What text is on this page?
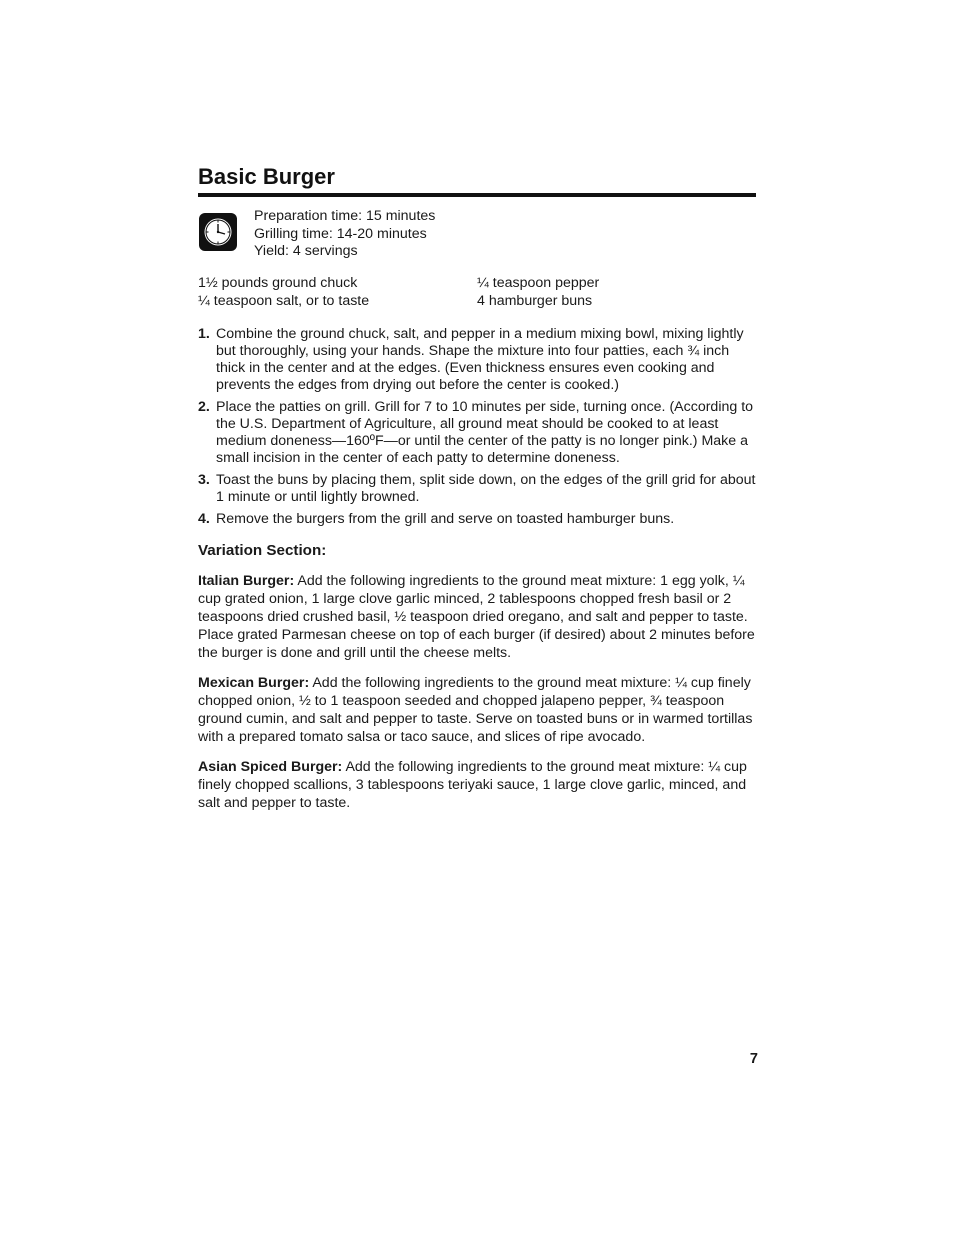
Basic Burger
Preparation time: 15 minutes
Grilling time: 14-20 minutes
Yield: 4 servings
1½ pounds ground chuck
¼ teaspoon salt, or to taste
¼ teaspoon pepper
4 hamburger buns
1. Combine the ground chuck, salt, and pepper in a medium mixing bowl, mixing lightly but thoroughly, using your hands. Shape the mixture into four patties, each ¾ inch thick in the center and at the edges. (Even thickness ensures even cooking and prevents the edges from drying out before the center is cooked.)
2. Place the patties on grill. Grill for 7 to 10 minutes per side, turning once. (According to the U.S. Department of Agriculture, all ground meat should be cooked to at least medium doneness—160ºF—or until the center of the patty is no longer pink.) Make a small incision in the center of each patty to determine doneness.
3. Toast the buns by placing them, split side down, on the edges of the grill grid for about 1 minute or until lightly browned.
4. Remove the burgers from the grill and serve on toasted hamburger buns.
Variation Section:
Italian Burger: Add the following ingredients to the ground meat mixture: 1 egg yolk, ¼ cup grated onion, 1 large clove garlic minced, 2 tablespoons chopped fresh basil or 2 teaspoons dried crushed basil, ½ teaspoon dried oregano, and salt and pepper to taste. Place grated Parmesan cheese on top of each burger (if desired) about 2 minutes before the burger is done and grill until the cheese melts.
Mexican Burger: Add the following ingredients to the ground meat mixture: ¼ cup finely chopped onion, ½ to 1 teaspoon seeded and chopped jalapeno pepper, ¾ teaspoon ground cumin, and salt and pepper to taste. Serve on toasted buns or in warmed tortillas with a prepared tomato salsa or taco sauce, and slices of ripe avocado.
Asian Spiced Burger: Add the following ingredients to the ground meat mixture: ¼ cup finely chopped scallions, 3 tablespoons teriyaki sauce, 1 large clove garlic, minced, and salt and pepper to taste.
7
